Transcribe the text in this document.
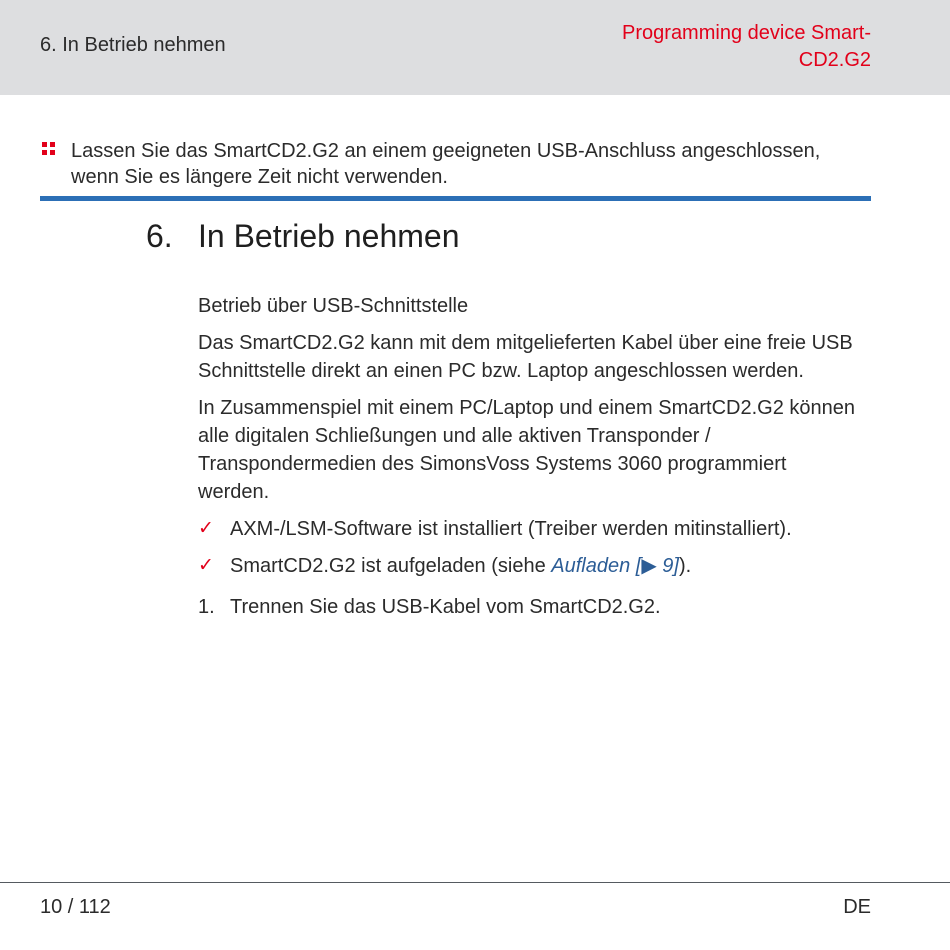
6. In Betrieb nehmen
Programming device Smart-CD2.G2
Lassen Sie das SmartCD2.G2 an einem geeigneten USB-Anschluss angeschlossen, wenn Sie es längere Zeit nicht verwenden.
6. In Betrieb nehmen

Betrieb über USB-Schnittstelle

Das SmartCD2.G2 kann mit dem mitgelieferten Kabel über eine freie USB Schnittstelle direkt an einen PC bzw. Laptop angeschlossen werden.

In Zusammenspiel mit einem PC/Laptop und einem SmartCD2.G2 können alle digitalen Schließungen und alle aktiven Transponder / Transpondermedien des SimonsVoss Systems 3060 programmiert werden.

✓ AXM-/LSM-Software ist installiert (Treiber werden mitinstalliert).
✓ SmartCD2.G2 ist aufgeladen (siehe Aufladen [▶ 9]).
1. Trennen Sie das USB-Kabel vom SmartCD2.G2.
10 / 112	DE
